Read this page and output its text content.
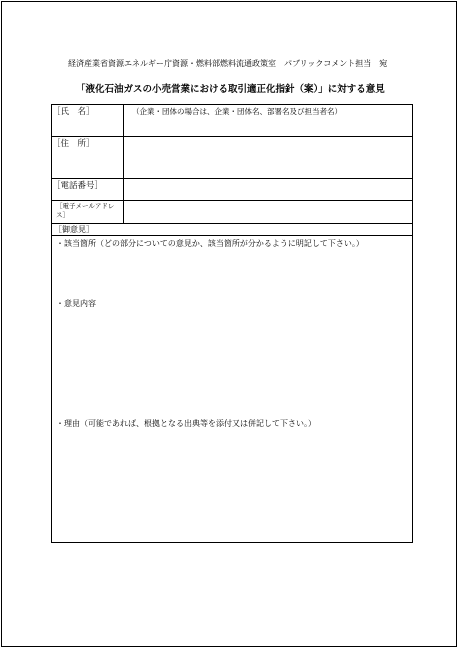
経済産業省資源エネルギー庁資源・燃料部燃料流通政策室　パブリックコメント担当　宛
「液化石油ガスの小売営業における取引適正化指針（案）」に対する意見
［氏　名］	（企業・団体の場合は、企業・団体名、部署名及び担当者名）

［住　所］	
［電話番号］	
［電子メールアドレス］	

［御意見］	

・該当箇所（どの部分についての意見か、該当箇所が分かるように明記して下さい。）
・意見内容
・理由（可能であれば、根拠となる出典等を添付又は併記して下さい。）	
